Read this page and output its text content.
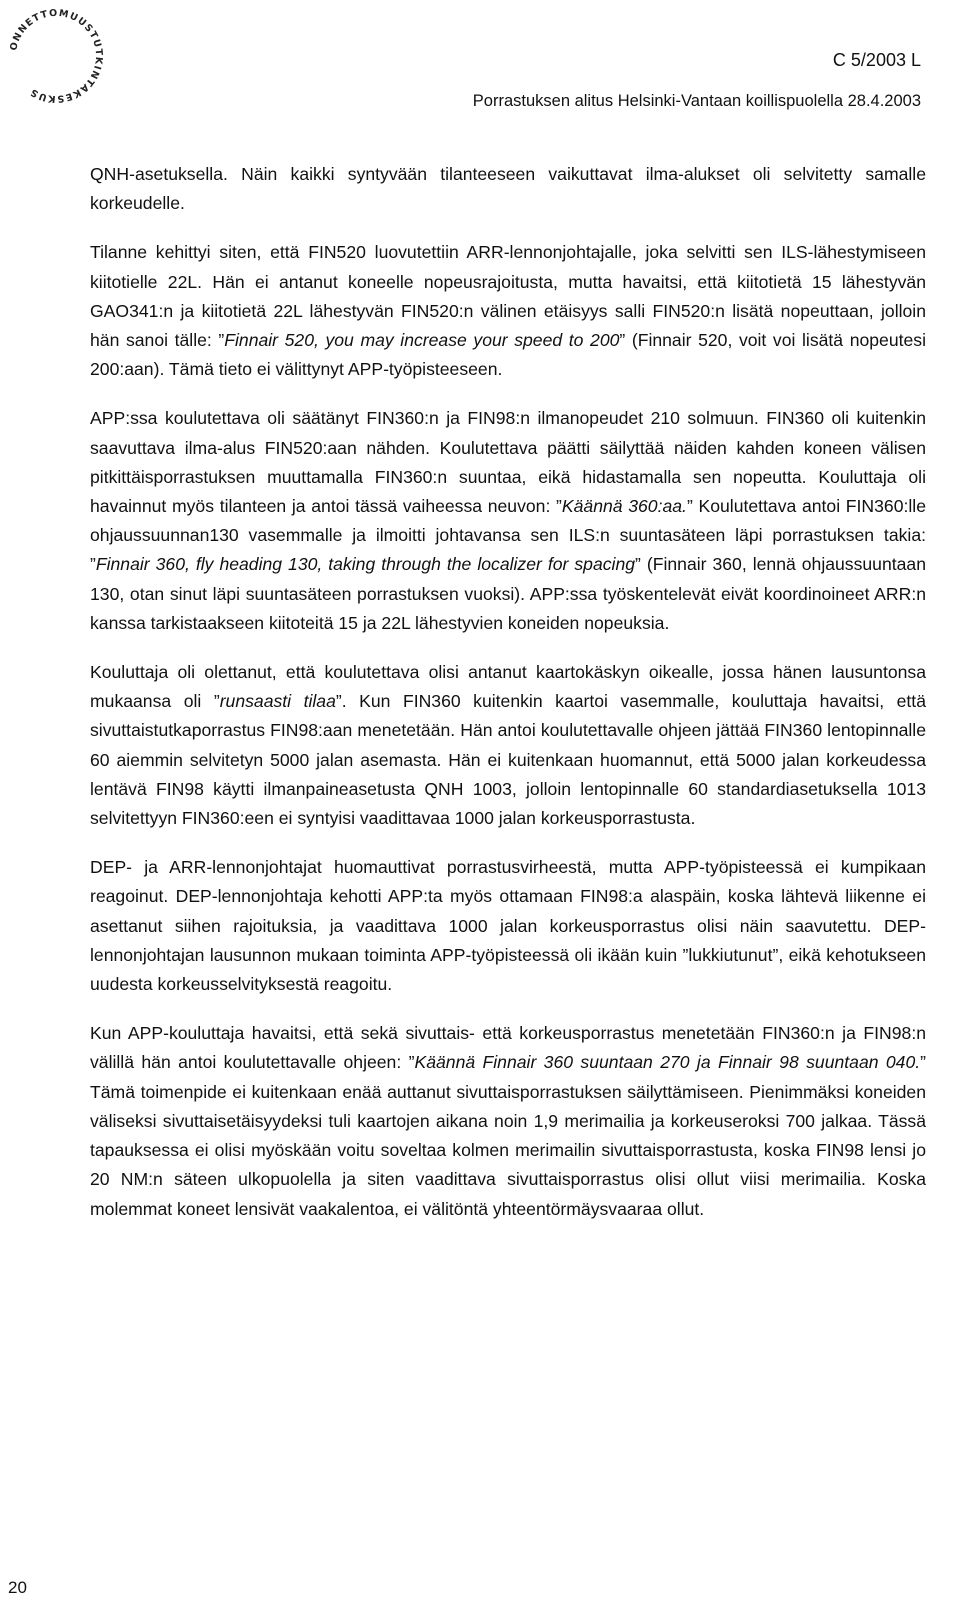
ONNETTOMUUSTUTKINTAKESKUS
C 5/2003 L
Porrastuksen alitus Helsinki-Vantaan koillispuolella 28.4.2003

QNH-asetuksella. Näin kaikki syntyvään tilanteeseen vaikuttavat ilma-alukset oli selvitetty samalle korkeudelle.

Tilanne kehittyi siten, että FIN520 luovutettiin ARR-lennonjohtajalle, joka selvitti sen ILS-lähestymiseen kiitotielle 22L. Hän ei antanut koneelle nopeusrajoitusta, mutta havaitsi, että kiitotietä 15 lähestyvän GAO341:n ja kiitotietä 22L lähestyvän FIN520:n välinen etäisyys salli FIN520:n lisätä nopeuttaan, jolloin hän sanoi tälle: ”Finnair 520, you may increase your speed to 200” (Finnair 520, voit voi lisätä nopeutesi 200:aan). Tämä tieto ei välittynyt APP-työpisteeseen.

APP:ssa koulutettava oli säätänyt FIN360:n ja FIN98:n ilmanopeudet 210 solmuun. FIN360 oli kuitenkin saavuttava ilma-alus FIN520:aan nähden. Koulutettava päätti säilyttää näiden kahden koneen välisen pitkittäisporrastuksen muuttamalla FIN360:n suuntaa, eikä hidastamalla sen nopeutta. Kouluttaja oli havainnut myös tilanteen ja antoi tässä vaiheessa neuvon: ”Käännä 360:aa.” Koulutettava antoi FIN360:lle ohjaussuunnan130 vasemmalle ja ilmoitti johtavansa sen ILS:n suuntasäteen läpi porrastuksen takia: ”Finnair 360, fly heading 130, taking through the localizer for spacing” (Finnair 360, lennä ohjaussuuntaan 130, otan sinut läpi suuntasäteen porrastuksen vuoksi). APP:ssa työskentelevät eivät koordinoineet ARR:n kanssa tarkistaakseen kiitoteitä 15 ja 22L lähestyvien koneiden nopeuksia.

Kouluttaja oli olettanut, että koulutettava olisi antanut kaartokäskyn oikealle, jossa hänen lausuntonsa mukaansa oli ”runsaasti tilaa”. Kun FIN360 kuitenkin kaartoi vasemmalle, kouluttaja havaitsi, että sivuttaistutkaporrastus FIN98:aan menetetään. Hän antoi koulutettavalle ohjeen jättää FIN360 lentopinnalle 60 aiemmin selvitetyn 5000 jalan asemasta. Hän ei kuitenkaan huomannut, että 5000 jalan korkeudessa lentävä FIN98 käytti ilmanpaineasetusta QNH 1003, jolloin lentopinnalle 60 standardiasetuksella 1013 selvitettyyn FIN360:een ei syntyisi vaadittavaa 1000 jalan korkeusporrastusta.

DEP- ja ARR-lennonjohtajat huomauttivat porrastusvirheestä, mutta APP-työpisteessä ei kumpikaan reagoinut. DEP-lennonjohtaja kehotti APP:ta myös ottamaan FIN98:a alaspäin, koska lähtevä liikenne ei asettanut siihen rajoituksia, ja vaadittava 1000 jalan korkeusporrastus olisi näin saavutettu. DEP-lennonjohtajan lausunnon mukaan toiminta APP-työpisteessä oli ikään kuin ”lukkiutunut”, eikä kehotukseen uudesta korkeusselvityksestä reagoitu.

Kun APP-kouluttaja havaitsi, että sekä sivuttais- että korkeusporrastus menetetään FIN360:n ja FIN98:n välillä hän antoi koulutettavalle ohjeen: ”Käännä Finnair 360 suuntaan 270 ja Finnair 98 suuntaan 040.” Tämä toimenpide ei kuitenkaan enää auttanut sivuttaisporrastuksen säilyttämiseen. Pienimmäksi koneiden väliseksi sivuttaisetäisyydeksi tuli kaartojen aikana noin 1,9 merimailia ja korkeuseroksi 700 jalkaa. Tässä tapauksessa ei olisi myöskään voitu soveltaa kolmen merimailin sivuttaisporrastusta, koska FIN98 lensi jo 20 NM:n säteen ulkopuolella ja siten vaadittava sivuttaisporrastus olisi ollut viisi merimailia. Koska molemmat koneet lensivät vaakalentoa, ei välitöntä yhteentörmäysvaaraa ollut.

20
